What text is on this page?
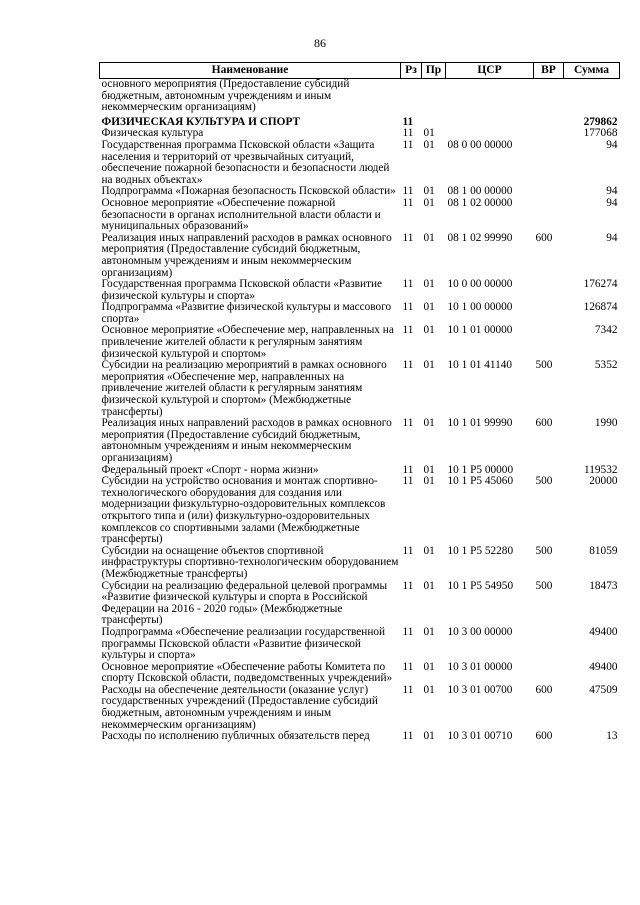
86
Наименование	Рз	Пр	ЦСР	ВР	Сумма
основного мероприятия (Предоставление субсидий бюджетным, автономным учреждениям и иным некоммерческим организациям)					
ФИЗИЧЕСКАЯ КУЛЬТУРА И СПОРТ	11				279862
Физическая культура	11	01			177068
Государственная программа Псковской области «Защита населения и территорий от чрезвычайных ситуаций, обеспечение пожарной безопасности и безопасности людей на водных объектах»	11	01	08 0 00 00000		94
Подпрограмма «Пожарная безопасность Псковской области»	11	01	08 1 00 00000		94
Основное мероприятие «Обеспечение пожарной безопасности в органах исполнительной власти области и муниципальных образований»	11	01	08 1 02 00000		94
Реализация иных направлений расходов в рамках основного мероприятия (Предоставление субсидий бюджетным, автономным учреждениям и иным некоммерческим организациям)	11	01	08 1 02 99990	600	94
Государственная программа Псковской области «Развитие физической культуры и спорта»	11	01	10 0 00 00000		176274
Подпрограмма «Развитие физической культуры и массового спорта»	11	01	10 1 00 00000		126874
Основное мероприятие «Обеспечение мер, направленных на привлечение жителей области к регулярным занятиям физической культурой и спортом»	11	01	10 1 01 00000		7342
Субсидии на реализацию мероприятий в рамках основного мероприятия «Обеспечение мер, направленных на привлечение жителей области к регулярным занятиям физической культурой и спортом» (Межбюджетные трансферты)	11	01	10 1 01 41140	500	5352
Реализация иных направлений расходов в рамках основного мероприятия (Предоставление субсидий бюджетным, автономным учреждениям и иным некоммерческим организациям)	11	01	10 1 01 99990	600	1990
Федеральный проект «Спорт - норма жизни»	11	01	10 1 P5 00000		119532
Субсидии на устройство основания и монтаж спортивно-технологического оборудования для создания или модернизации физкультурно-оздоровительных комплексов открытого типа и (или) физкультурно-оздоровительных комплексов со спортивными залами (Межбюджетные трансферты)	11	01	10 1 P5 45060	500	20000
Субсидии на оснащение объектов спортивной инфраструктуры спортивно-технологическим оборудованием (Межбюджетные трансферты)	11	01	10 1 P5 52280	500	81059
Субсидии на реализацию федеральной целевой программы «Развитие физической культуры и спорта в Российской Федерации на 2016 - 2020 годы» (Межбюджетные трансферты)	11	01	10 1 P5 54950	500	18473
Подпрограмма «Обеспечение реализации государственной программы Псковской области «Развитие физической культуры и спорта»	11	01	10 3 00 00000		49400
Основное мероприятие «Обеспечение работы Комитета по спорту Псковской области, подведомственных учреждений»	11	01	10 3 01 00000		49400
Расходы на обеспечение деятельности (оказание услуг) государственных учреждений (Предоставление субсидий бюджетным, автономным учреждениям и иным некоммерческим организациям)	11	01	10 3 01 00700	600	47509
Расходы по исполнению публичных обязательств перед	11	01	10 3 01 00710	600	13
